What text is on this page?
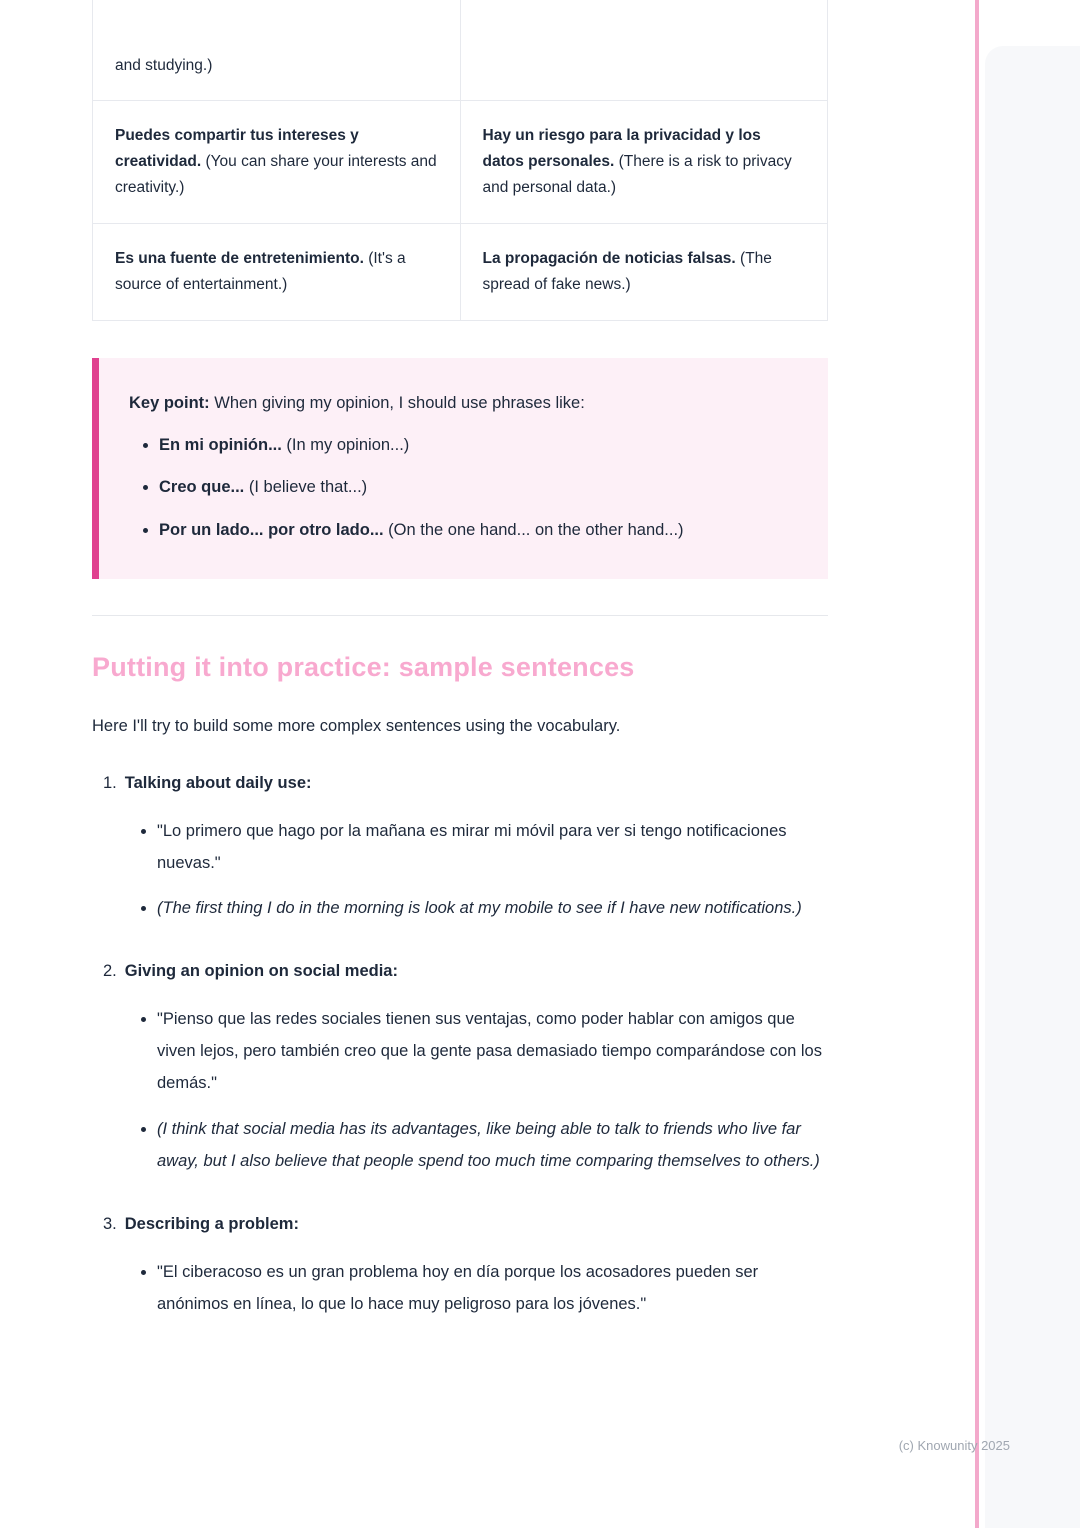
and studying.)	
Puedes compartir tus intereses y creatividad. (You can share your interests and creativity.)	Hay un riesgo para la privacidad y los datos personales. (There is a risk to privacy and personal data.)
Es una fuente de entretenimiento. (It's a source of entertainment.)	La propagación de noticias falsas. (The spread of fake news.)

Key point: When giving my opinion, I should use phrases like:

• En mi opinión... (In my opinion...)
• Creo que... (I believe that...)
• Por un lado... por otro lado... (On the one hand... on the other hand...)
Putting it into practice: sample sentences

Here I'll try to build some more complex sentences using the vocabulary.

1. Talking about daily use:
• "Lo primero que hago por la mañana es mirar mi móvil para ver si tengo notificaciones nuevas."
• (The first thing I do in the morning is look at my mobile to see if I have new notifications.)
2. Giving an opinion on social media:
• "Pienso que las redes sociales tienen sus ventajas, como poder hablar con amigos que viven lejos, pero también creo que la gente pasa demasiado tiempo comparándose con los demás."
• (I think that social media has its advantages, like being able to talk to friends who live far away, but I also believe that people spend too much time comparing themselves to others.)
3. Describing a problem:
• "El ciberacoso es un gran problema hoy en día porque los acosadores pueden ser anónimos en línea, lo que lo hace muy peligroso para los jóvenes."
(c) Knowunity 2025
